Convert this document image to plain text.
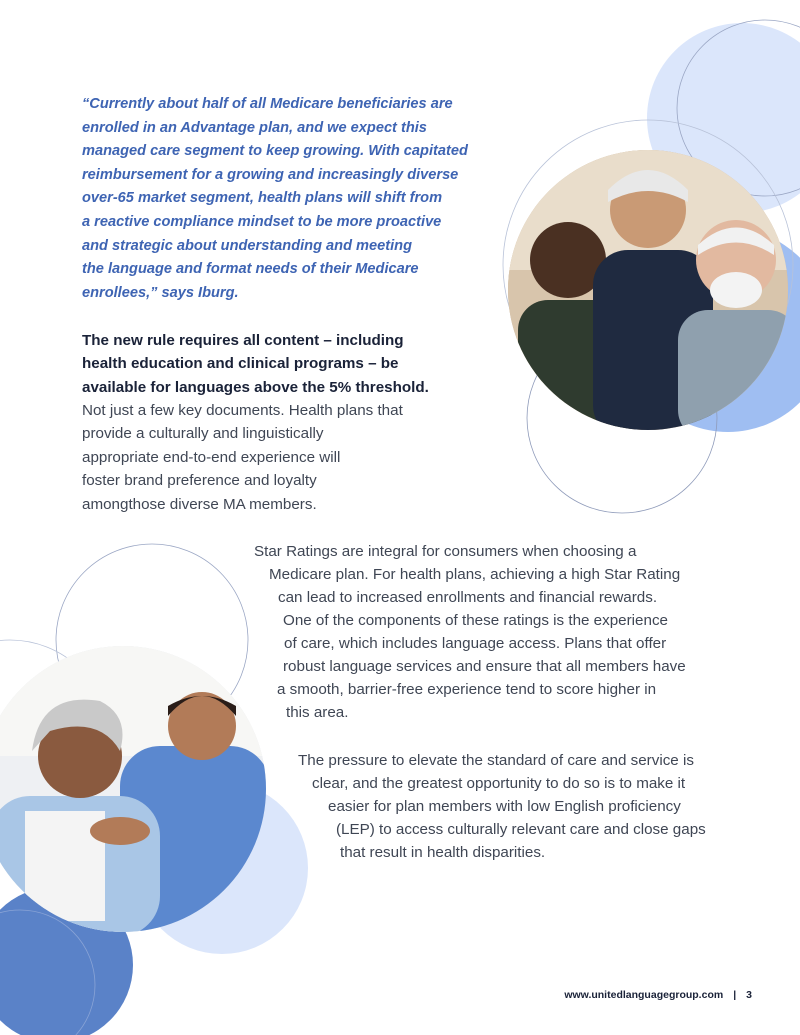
“Currently about half of all Medicare beneficiaries are
enrolled in an Advantage plan, and we expect this
managed care segment to keep growing. With capitated
reimbursement for a growing and increasingly diverse
over-65 market segment, health plans will shift from
a reactive compliance mindset to be more proactive
and strategic about understanding and meeting
the language and format needs of their Medicare
enrollees,” says Iburg.
The new rule requires all content – including
health education and clinical programs – be
available for languages above the 5% threshold.
Not just a few key documents. Health plans that
provide a culturally and linguistically
appropriate end-to-end experience will
foster brand preference and loyalty
amongthose diverse MA members.
Star Ratings are integral for consumers when choosing a
Medicare plan. For health plans, achieving a high Star Rating
can lead to increased enrollments and financial rewards.
One of the components of these ratings is the experience
of care, which includes language access. Plans that offer
robust language services and ensure that all members have
a smooth, barrier-free experience tend to score higher in
this area.
The pressure to elevate the standard of care and service is
clear, and the greatest opportunity to do so is to make it
easier for plan members with low English proficiency
(LEP) to access culturally relevant care and close gaps
that result in health disparities.
www.unitedlanguagegroup.com | 3
